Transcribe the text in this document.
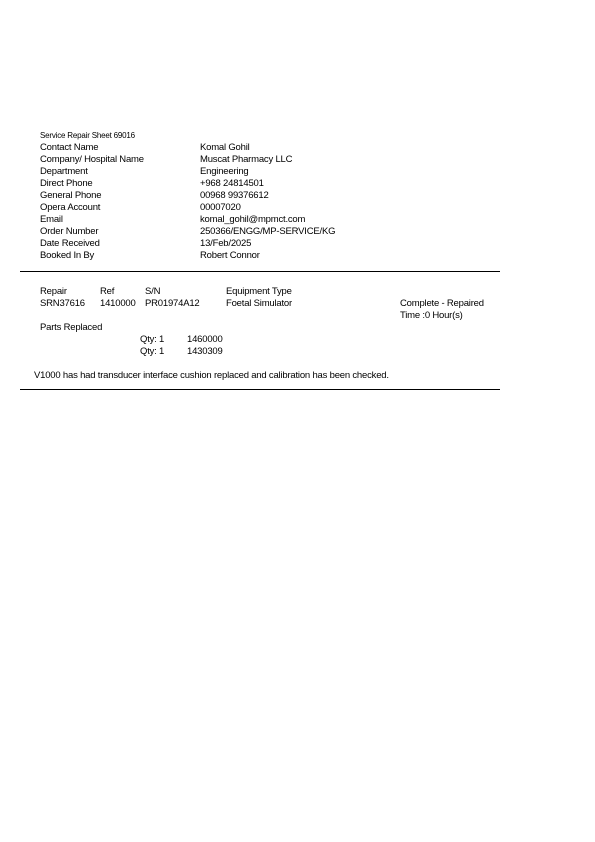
Service Repair Sheet 69016
Contact Name	Komal Gohil
Company/ Hospital Name	Muscat Pharmacy LLC
Department	Engineering
Direct Phone	+968 24814501
General Phone	00968 99376612
Opera Account	00007020
Email	komal_gohil@mpmct.com
Order Number	250366/ENGG/MP-SERVICE/KG
Date Received	13/Feb/2025
Booked In By	Robert Connor
Repair	Ref	S/N	Equipment Type
SRN37616 1410000 PR01974A12	Foetal Simulator	Complete - Repaired
Time :0 Hour(s)
Parts Replaced
Qty: 1 1460000
Qty: 1 1430309
V1000 has had transducer interface cushion replaced and calibration has been checked.
